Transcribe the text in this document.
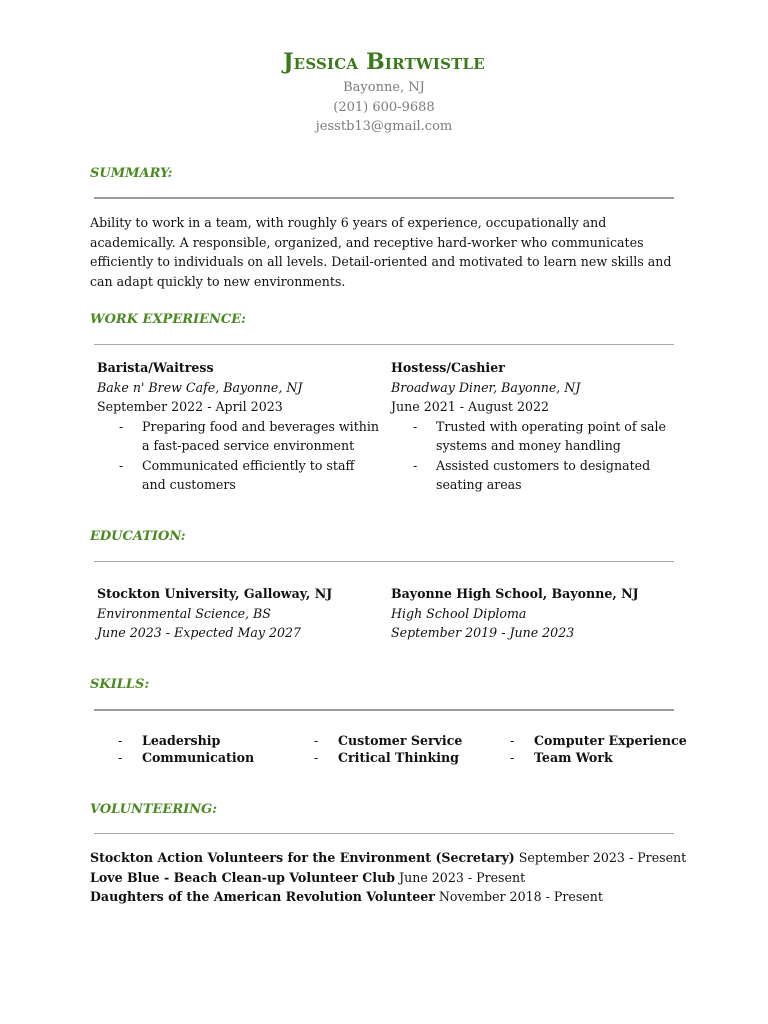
Jessica Birtwistle
Bayonne, NJ
(201) 600-9688
jesstb13@gmail.com
SUMMARY:

Ability to work in a team, with roughly 6 years of experience, occupationally and academically. A responsible, organized, and receptive hard-worker who communicates efficiently to individuals on all levels. Detail-oriented and motivated to learn new skills and can adapt quickly to new environments.

WORK EXPERIENCE:
Barista/Waitress
Bake n' Brew Cafe, Bayonne, NJ
September 2022 - April 2023
- Preparing food and beverages within a fast-paced service environment
- Communicated efficiently to staff and customers
Hostess/Cashier
Broadway Diner, Bayonne, NJ
June 2021 - August 2022
- Trusted with operating point of sale systems and money handling
- Assisted customers to designated seating areas
EDUCATION:
Stockton University, Galloway, NJ
Environmental Science, BS
June 2023 - Expected May 2027
Bayonne High School, Bayonne, NJ
High School Diploma
September 2019 - June 2023
SKILLS:
- Leadership	- Customer Service	- Computer Experience
- Communication	- Critical Thinking	- Team Work
VOLUNTEERING:
Stockton Action Volunteers for the Environment (Secretary) September 2023 - Present
Love Blue - Beach Clean-up Volunteer Club June 2023 - Present
Daughters of the American Revolution Volunteer November 2018 - Present
